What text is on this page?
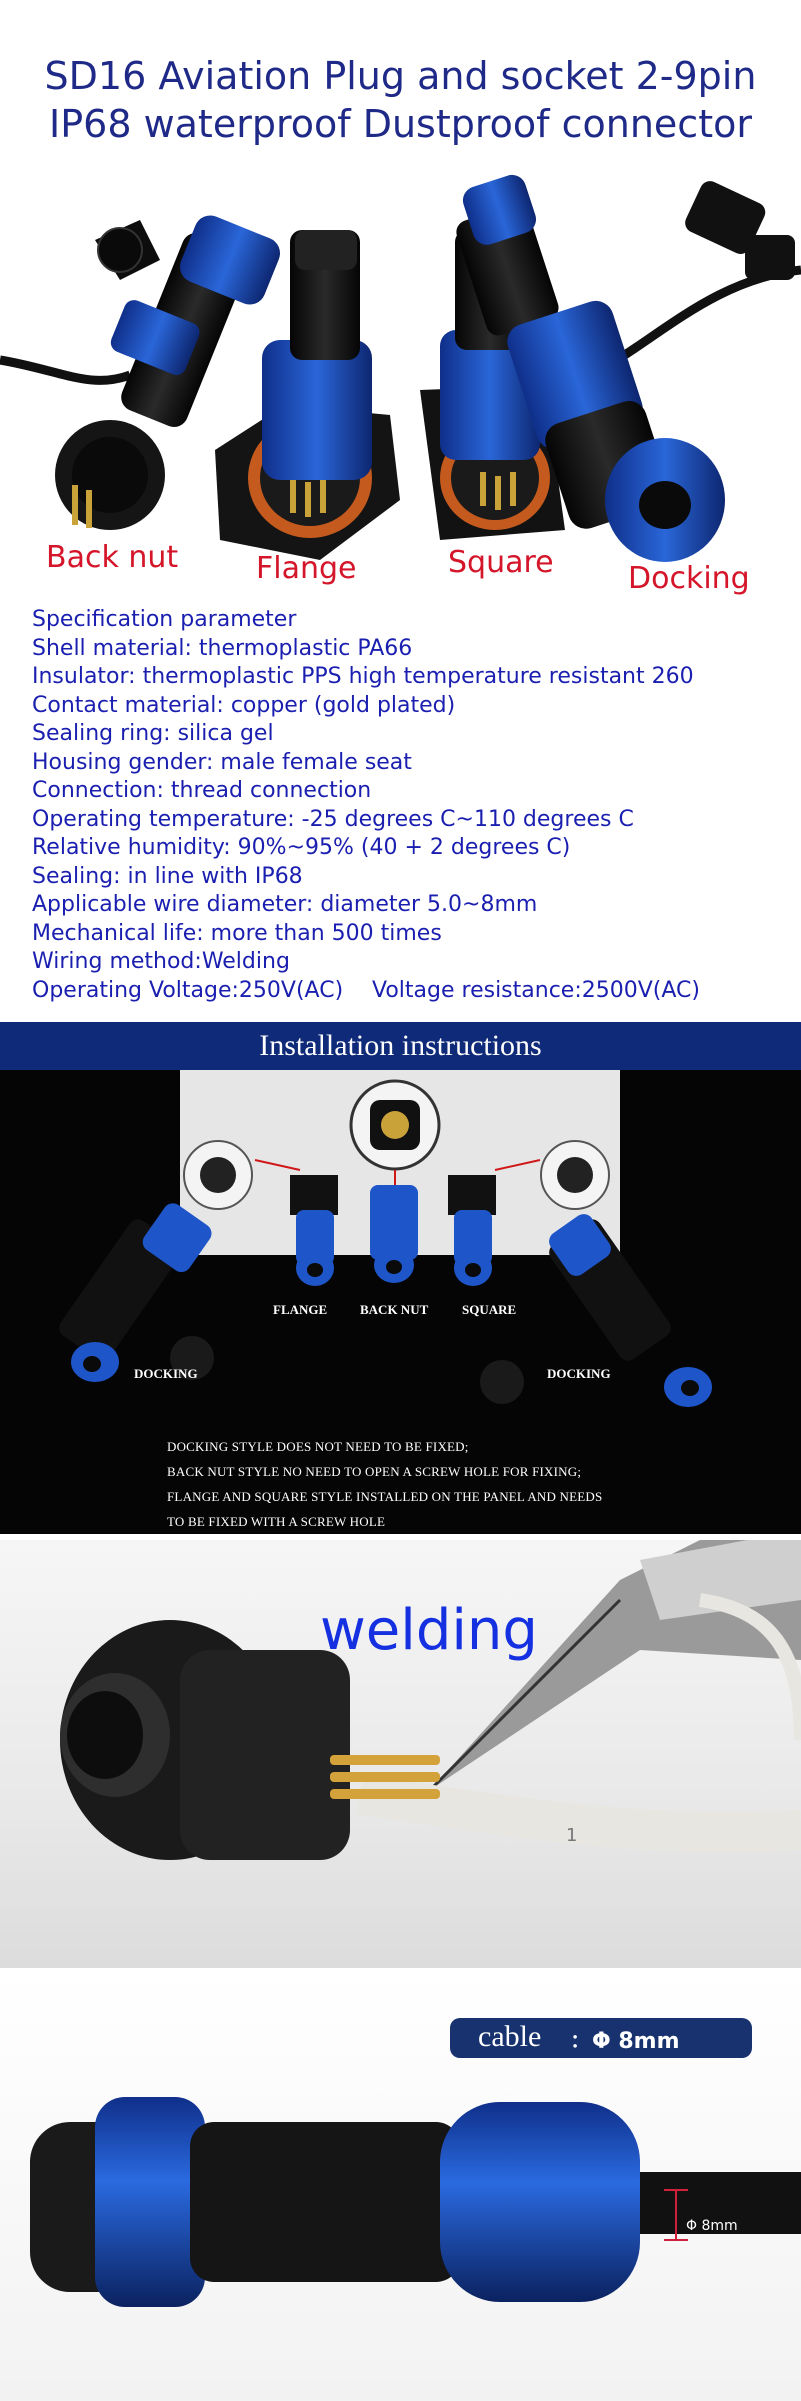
SD16 Aviation Plug and socket 2-9pin
IP68 waterproof Dustproof connector
Back nut	Flange	Square Docking
Specification parameter
Shell material: thermoplastic PA66
Insulator: thermoplastic PPS high temperature resistant 260
Contact material: copper (gold plated)
Sealing ring: silica gel
Housing gender: male female seat
Connection: thread connection
Operating temperature: -25 degrees C~110 degrees C
Relative humidity: 90%~95% (40 + 2 degrees C)
Sealing: in line with IP68
Applicable wire diameter: diameter 5.0~8mm
Mechanical life: more than 500 times
Wiring method:Welding
Operating Voltage:250V(AC) Voltage resistance:2500V(AC)
Installation instructions
FLANGE	BACK NUT	SQUARE
DOCKING	DOCKING
DOCKING STYLE DOES NOT NEED TO BE FIXED;
BACK NUT STYLE NO NEED TO OPEN A SCREW HOLE FOR FIXING;
FLANGE AND SQUARE STYLE INSTALLED ON THE PANEL AND NEEDS
TO BE FIXED WITH A SCREW HOLE
welding
1
cable ：Φ 8mm
Φ 8mm
